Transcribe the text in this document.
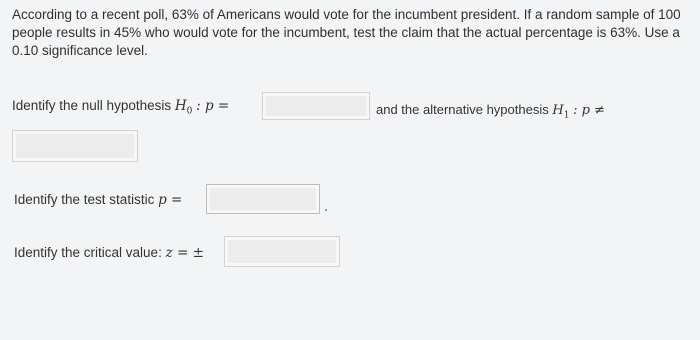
According to a recent poll, 63% of Americans would vote for the incumbent president. If a random sample of 100 people results in 45% who would vote for the incumbent, test the claim that the actual percentage is 63%. Use a 0.10 significance level.
Identify the null hypothesis $H_0$ : p =	and the alternative hypothesis $H_1$ : p ≠
Identify the test statistic p =
Identify the critical value: z = ±
